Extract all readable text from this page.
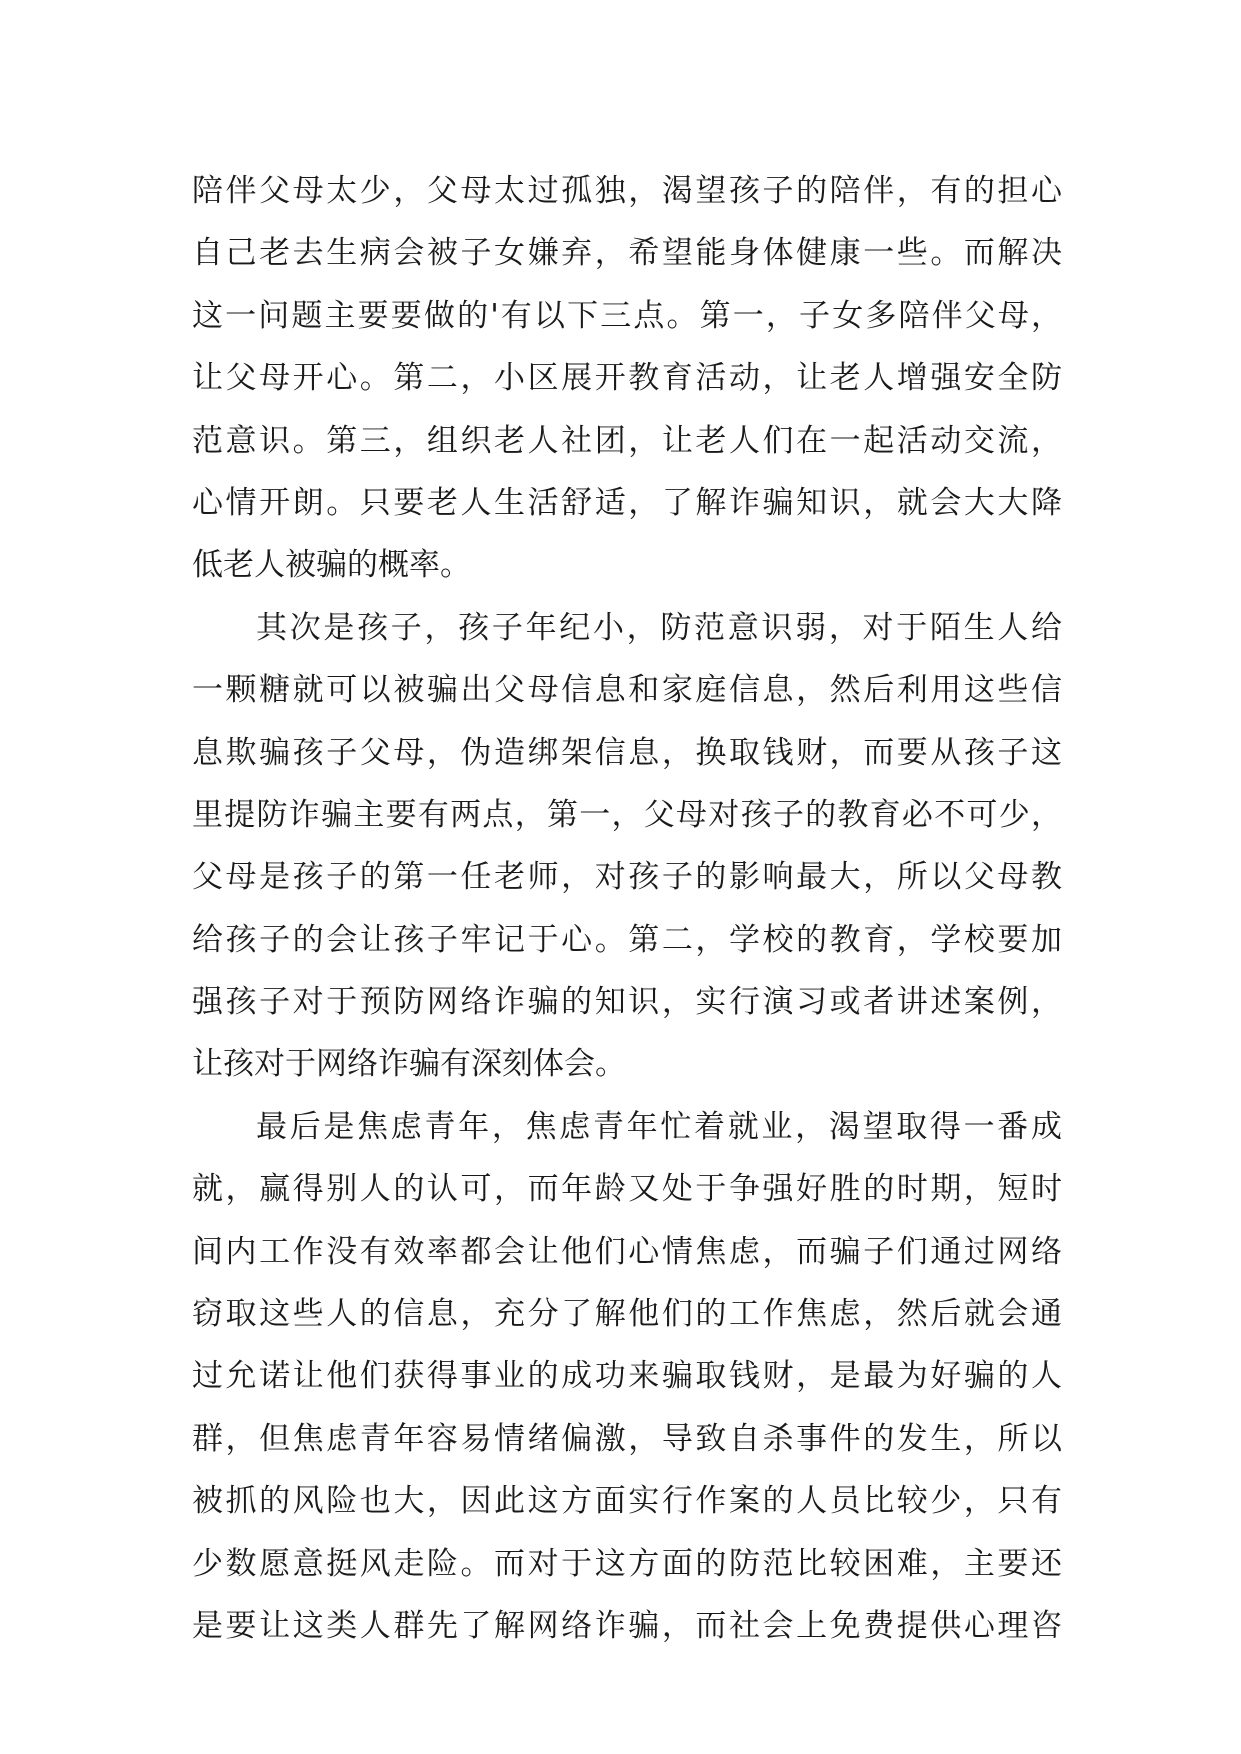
陪伴父母太少，父母太过孤独，渴望孩子的陪伴，有的担心
自己老去生病会被子女嫌弃，希望能身体健康一些。而解决
这一问题主要要做的'有以下三点。第一，子女多陪伴父母，
让父母开心。第二，小区展开教育活动，让老人增强安全防
范意识。第三，组织老人社团，让老人们在一起活动交流，
心情开朗。只要老人生活舒适，了解诈骗知识，就会大大降
低老人被骗的概率。
其次是孩子，孩子年纪小，防范意识弱，对于陌生人给
一颗糖就可以被骗出父母信息和家庭信息，然后利用这些信
息欺骗孩子父母，伪造绑架信息，换取钱财，而要从孩子这
里提防诈骗主要有两点，第一，父母对孩子的教育必不可少，
父母是孩子的第一任老师，对孩子的影响最大，所以父母教
给孩子的会让孩子牢记于心。第二，学校的教育，学校要加
强孩子对于预防网络诈骗的知识，实行演习或者讲述案例，
让孩对于网络诈骗有深刻体会。
最后是焦虑青年，焦虑青年忙着就业，渴望取得一番成
就，赢得别人的认可，而年龄又处于争强好胜的时期，短时
间内工作没有效率都会让他们心情焦虑，而骗子们通过网络
窃取这些人的信息，充分了解他们的工作焦虑，然后就会通
过允诺让他们获得事业的成功来骗取钱财，是最为好骗的人
群，但焦虑青年容易情绪偏激，导致自杀事件的发生，所以
被抓的风险也大，因此这方面实行作案的人员比较少，只有
少数愿意挺风走险。而对于这方面的防范比较困难，主要还
是要让这类人群先了解网络诈骗，而社会上免费提供心理咨
